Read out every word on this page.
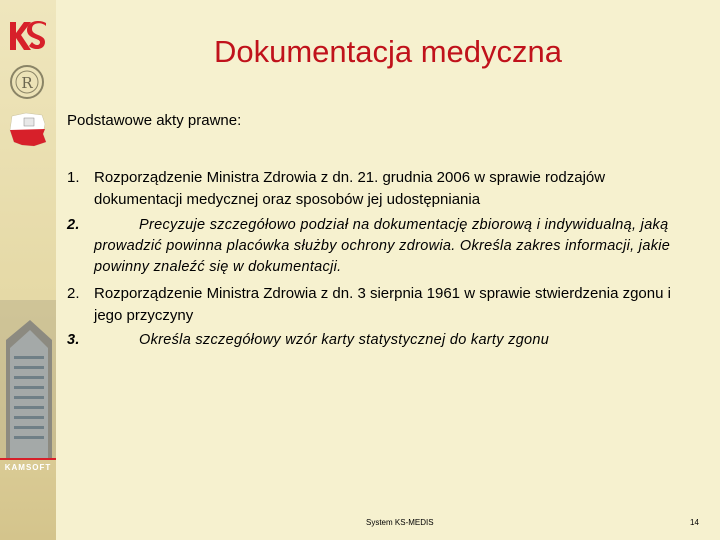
R
KAMSOFT
Dokumentacja medyczna
Podstawowe akty prawne:
1. Rozporządzenie Ministra Zdrowia z dn. 21. grudnia 2006 w sprawie rodzajów dokumentacji medycznej oraz sposobów jej udostępniania
2.	Precyzuje szczegółowo podział na dokumentację zbiorową i indywidualną, jaką prowadzić powinna placówka służby ochrony zdrowia. Określa zakres informacji, jakie powinny znaleźć się w dokumentacji.
2. Rozporządzenie Ministra Zdrowia z dn. 3 sierpnia 1961 w sprawie stwierdzenia zgonu i jego przyczyny
3.	Określa szczegółowy wzór karty statystycznej do karty zgonu
System KS-MEDIS	14
